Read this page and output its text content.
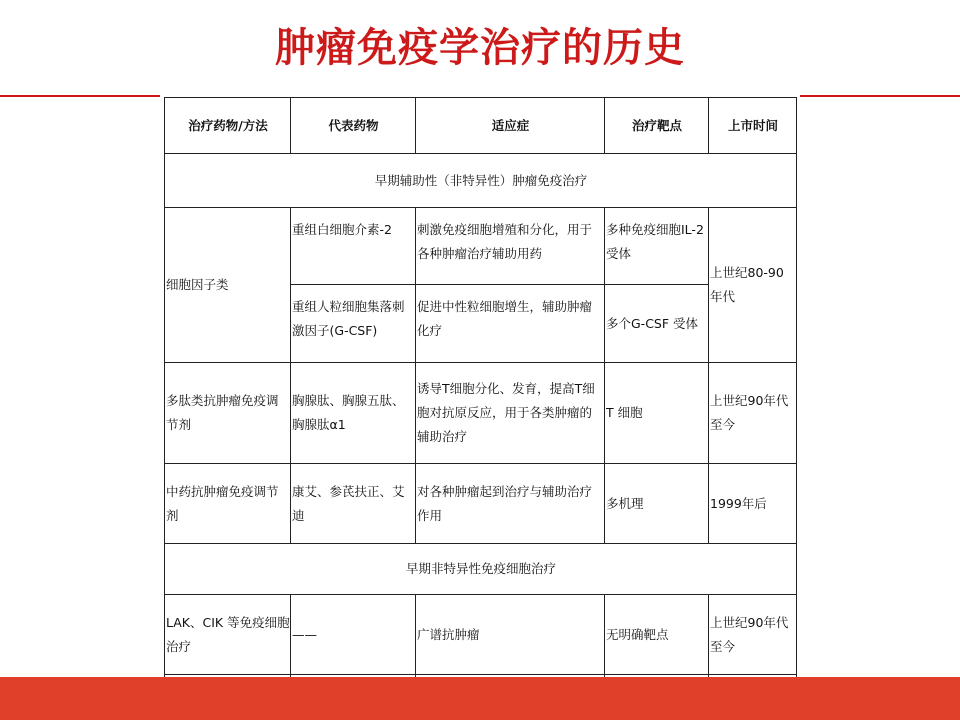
肿瘤免疫学治疗的历史
治疗药物/方法	代表药物	适应症	治疗靶点	上市时间
早期辅助性（非特异性）肿瘤免疫治疗				
细胞因子类	重组白细胞介素-2	刺激免疫细胞增殖和分化，用于各种肿瘤治疗辅助用药	多种免疫细胞IL-2受体	上世纪80-90年代
	重组人粒细胞集落刺激因子(G-CSF)	促进中性粒细胞增生，辅助肿瘤化疗	多个G-CSF 受体	
多肽类抗肿瘤免疫调节剂	胸腺肽、胸腺五肽、胸腺肽α1	诱导T细胞分化、发育，提高T细胞对抗原反应，用于各类肿瘤的辅助治疗	T 细胞	上世纪90年代至今
中药抗肿瘤免疫调节剂	康艾、参芪扶正、艾迪	对各种肿瘤起到治疗与辅助治疗作用	多机理	1999年后
早期非特异性免疫细胞治疗				
LAK、CIK 等免疫细胞治疗	——	广谱抗肿瘤	无明确靶点	上世纪90年代至今
